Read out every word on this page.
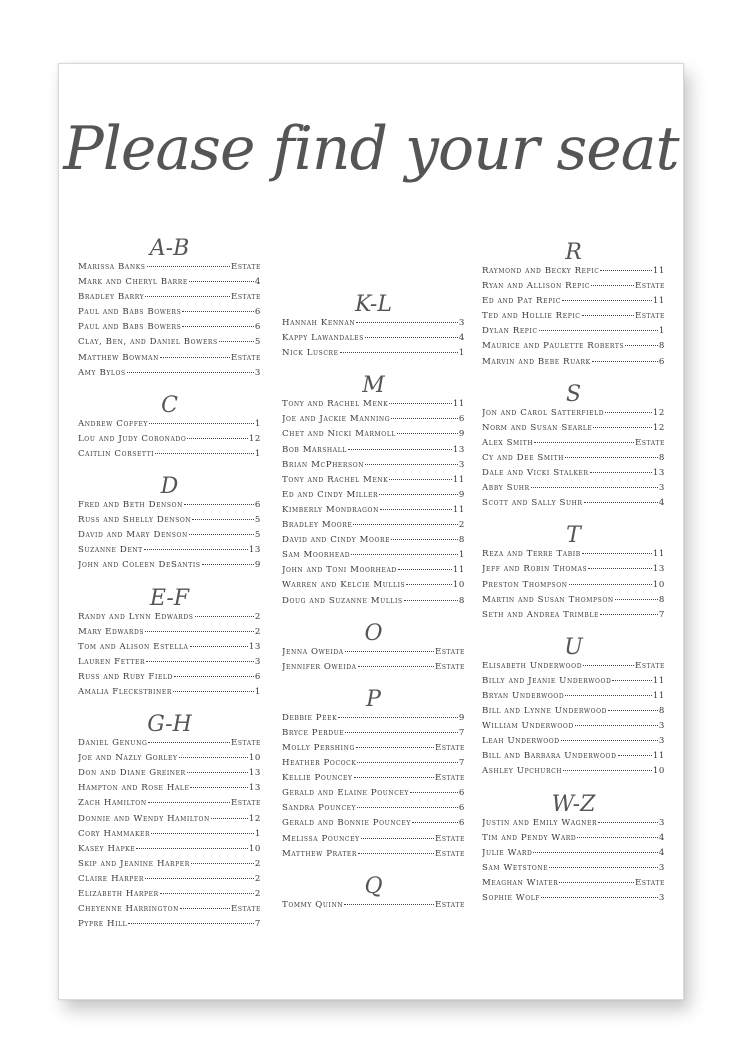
Please find your seat
A-B
Marissa Banks	Estate
Mark and Cheryl Barre	4
Bradley Barry	Estate
Paul and Babs Bowers	6
Paul and Babs Bowers	6
Clay, Ben, and Daniel Bowers	5
Matthew Bowman	Estate
Amy Bylos	3
C
Andrew Coffey	1
Lou and Judy Coronado	12
Caitlin Corsetti	1
D
Fred and Beth Denson	6
Russ and Shelly Denson	5
David and Mary Denson	5
Suzanne Dent	13
John and Coleen DeSantis	9
E-F
Randy and Lynn Edwards	2
Mary Edwards	2
Tom and Alison Estella	13
Lauren Fetter	3
Russ and Ruby Field	6
Amalia Fleckstbiner	1
G-H
Daniel Genung	Estate
Joe and Nazly Gorley	10
Don and Diane Greiner	13
Hampton and Rose Hale	13
Zach Hamilton	Estate
Donnie and Wendy Hamilton	12
Cory Hammaker	1
Kasey Hapke	10
Skip and Jeanine Harper	2
Claire Harper	2
Elizabeth Harper	2
Cheyenne Harrington	Estate
Pypre Hill	7
K-L
Hannah Kennan	3
Kappy Lawandales	4
Nick Luscre	1
M
Tony and Rachel Menk	11
Joe and Jackie Manning	6
Chet and Nicki Marmoll	9
Bob Marshall	13
Brian McPherson	3
Tony and Rachel Menk	11
Ed and Cindy Miller	9
Kimberly Mondragon	11
Bradley Moore	2
David and Cindy Moore	8
Sam Moorhead	1
John and Toni Moorhead	11
Warren and Kelcie Mullis	10
Doug and Suzanne Mullis	8
O
Jenna Oweida	Estate
Jennifer Oweida	Estate
P
Debbie Peek	9
Bryce Perdue	7
Molly Pershing	Estate
Heather Pocock	7
Kellie Pouncey	Estate
Gerald and Elaine Pouncey	6
Sandra Pouncey	6
Gerald and Bonnie Pouncey	6
Melissa Pouncey	Estate
Matthew Prater	Estate
Q
Tommy Quinn	Estate
R
Raymond and Becky Repic	11
Ryan and Allison Repic	Estate
Ed and Pat Repic	11
Ted and Hollie Repic	Estate
Dylan Repic	1
Maurice and Paulette Roberts	8
Marvin and Bebe Ruark	6
S
Jon and Carol Satterfield	12
Norm and Susan Searle	12
Alex Smith	Estate
Cy and Dee Smith	8
Dale and Vicki Stalker	13
Abby Suhr	3
Scott and Sally Suhr	4
T
Reza and Terre Tabib	11
Jeff and Robin Thomas	13
Preston Thompson	10
Martin and Susan Thompson	8
Seth and Andrea Trimble	7
U
Elisabeth Underwood	Estate
Billy and Jeanie Underwood	11
Bryan Underwood	11
Bill and Lynne Underwood	8
William Underwood	3
Leah Underwood	3
Bill and Barbara Underwood	11
Ashley Upchurch	10
W-Z
Justin and Emily Wagner	3
Tim and Pendy Ward	4
Julie Ward	4
Sam Wetstone	3
Meaghan Wiater	Estate
Sophie Wolf	3
